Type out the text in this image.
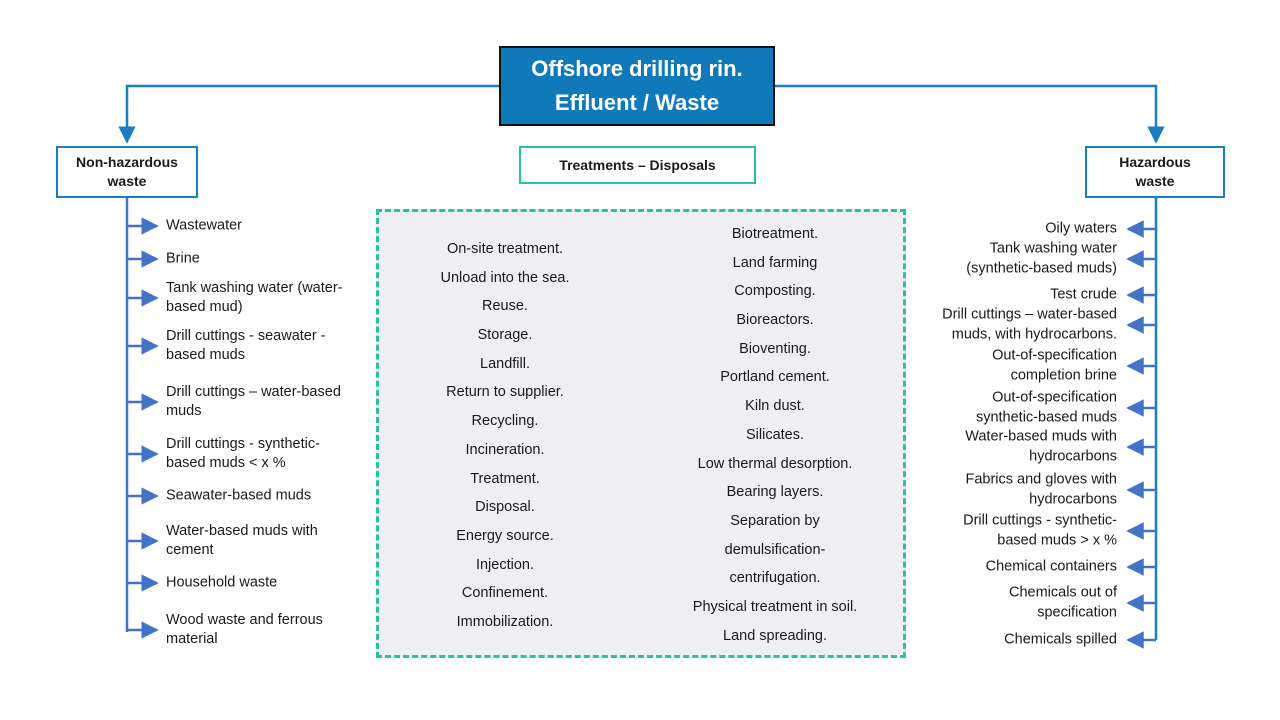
Offshore drilling rin.
Effluent / Waste
Non-hazardous
waste
Hazardous
waste
Treatments – Disposals
On-site treatment.
Unload into the sea.
Reuse.
Storage.
Landfill.
Return to supplier.
Recycling.
Incineration.
Treatment.
Disposal.
Energy source.
Injection.
Confinement.
Immobilization.
Biotreatment.
Land farming
Composting.
Bioreactors.
Bioventing.
Portland cement.
Kiln dust.
Silicates.
Low thermal desorption.
Bearing layers.
Separation by
demulsification-
centrifugation.
Physical treatment in soil.
Land spreading.
Wastewater
Brine
Tank washing water (water-
based mud)
Drill cuttings - seawater -
based muds
Drill cuttings – water-based
muds
Drill cuttings - synthetic-
based muds < x %
Seawater-based muds
Water-based muds with
cement
Household waste
Wood waste and ferrous
material
Oily waters
Tank washing water
(synthetic-based muds)
Test crude
Drill cuttings – water-based
muds, with hydrocarbons.
Out-of-specification
completion brine
Out-of-specification
synthetic-based muds
Water-based muds with
hydrocarbons
Fabrics and gloves with
hydrocarbons
Drill cuttings - synthetic-
based muds > x %
Chemical containers
Chemicals out of
specification
Chemicals spilled
